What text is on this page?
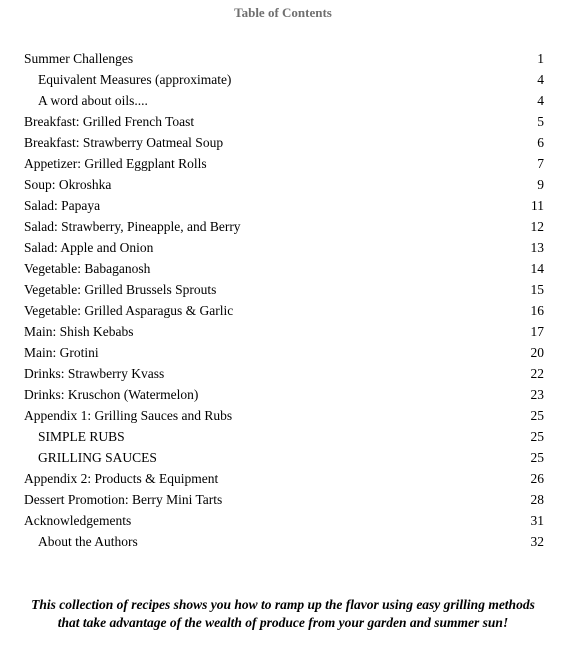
Table of Contents
Summer Challenges	1
Equivalent Measures (approximate)	4
A word about oils....	4
Breakfast: Grilled French Toast	5
Breakfast: Strawberry Oatmeal Soup	6
Appetizer: Grilled Eggplant Rolls	7
Soup: Okroshka	9
Salad: Papaya	11
Salad: Strawberry, Pineapple, and Berry	12
Salad: Apple and Onion	13
Vegetable: Babaganosh	14
Vegetable: Grilled Brussels Sprouts	15
Vegetable: Grilled Asparagus & Garlic	16
Main: Shish Kebabs	17
Main: Grotini	20
Drinks: Strawberry Kvass	22
Drinks: Kruschon (Watermelon)	23
Appendix 1: Grilling Sauces and Rubs	25
SIMPLE RUBS	25
GRILLING SAUCES	25
Appendix 2: Products & Equipment	26
Dessert Promotion: Berry Mini Tarts	28
Acknowledgements	31
About the Authors	32
This collection of recipes shows you how to ramp up the flavor using easy grilling methods
that take advantage of the wealth of produce from your garden and summer sun!
